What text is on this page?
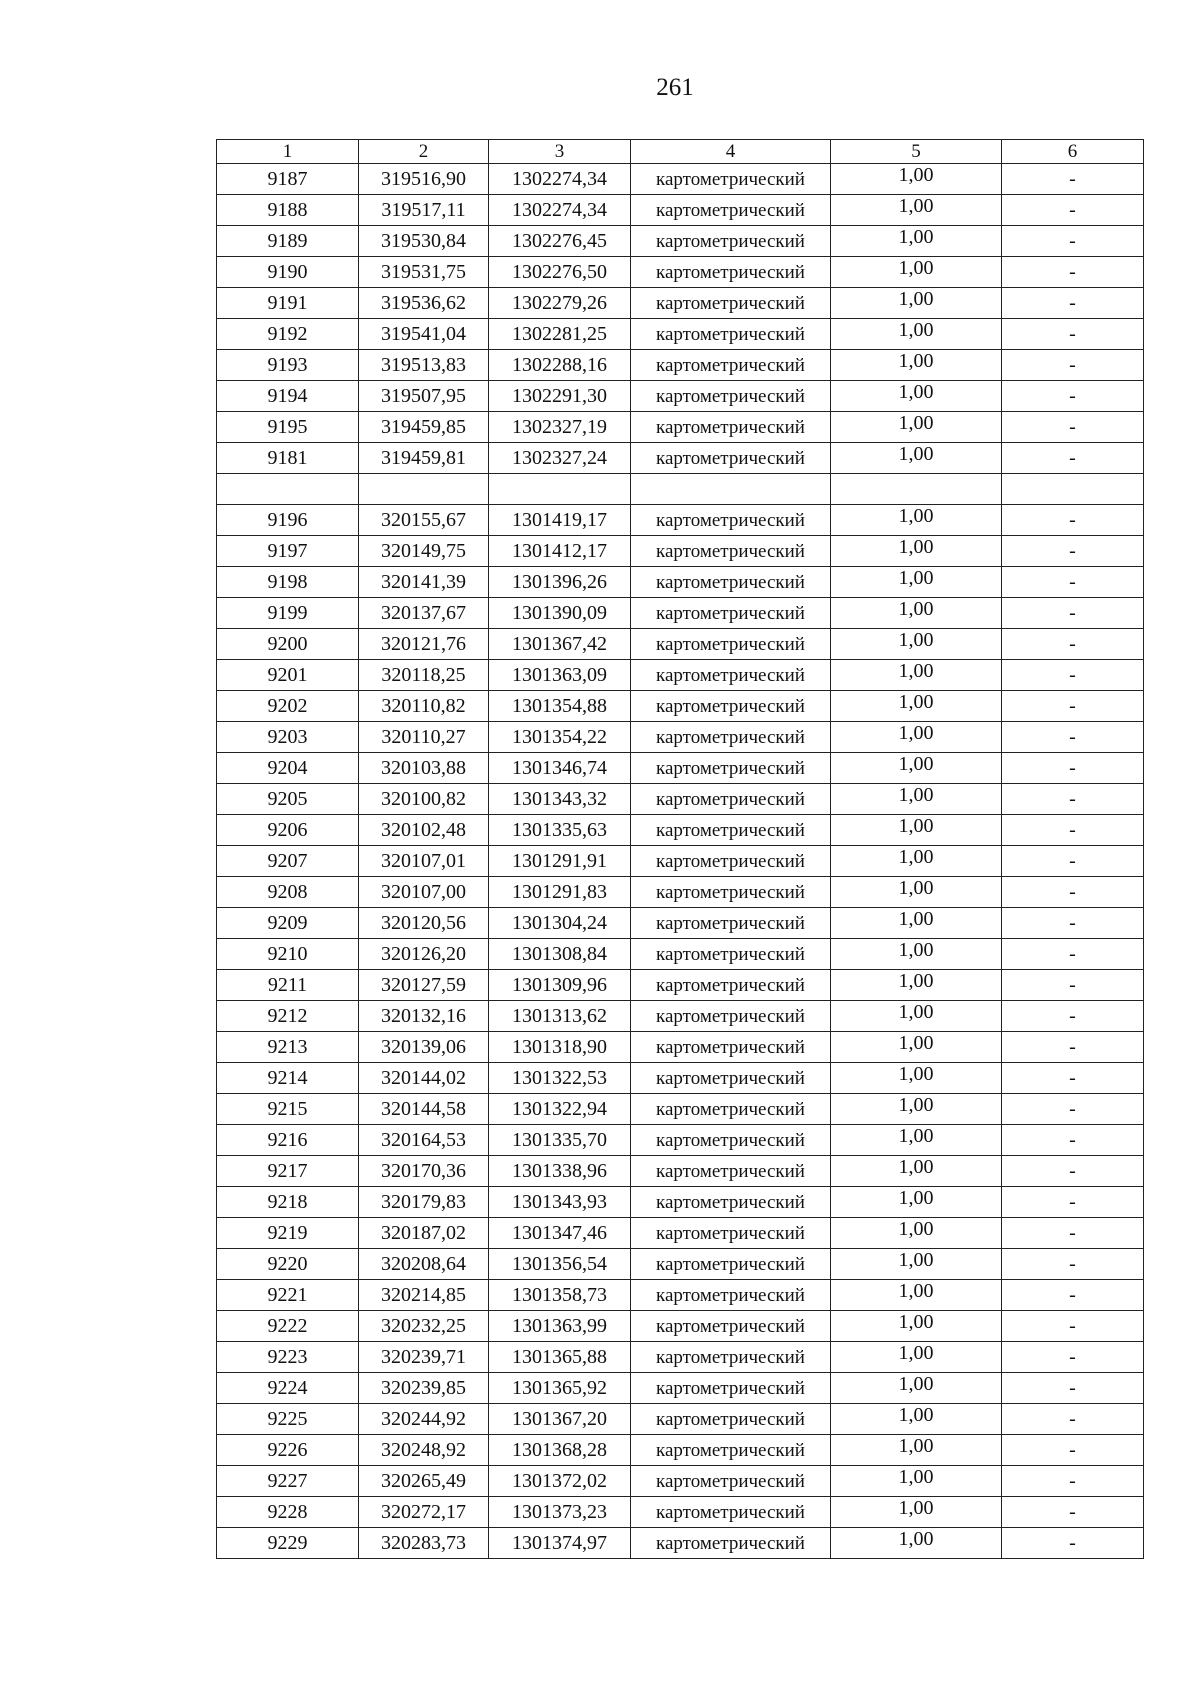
261
1	2	3	4	5	6
9187	319516,90	1302274,34	картометрический	1,00	-
9188	319517,11	1302274,34	картометрический	1,00	-
9189	319530,84	1302276,45	картометрический	1,00	-
9190	319531,75	1302276,50	картометрический	1,00	-
9191	319536,62	1302279,26	картометрический	1,00	-
9192	319541,04	1302281,25	картометрический	1,00	-
9193	319513,83	1302288,16	картометрический	1,00	-
9194	319507,95	1302291,30	картометрический	1,00	-
9195	319459,85	1302327,19	картометрический	1,00	-
9181	319459,81	1302327,24	картометрический	1,00	-

9196	320155,67	1301419,17	картометрический	1,00	-
9197	320149,75	1301412,17	картометрический	1,00	-
9198	320141,39	1301396,26	картометрический	1,00	-
9199	320137,67	1301390,09	картометрический	1,00	-
9200	320121,76	1301367,42	картометрический	1,00	-
9201	320118,25	1301363,09	картометрический	1,00	-
9202	320110,82	1301354,88	картометрический	1,00	-
9203	320110,27	1301354,22	картометрический	1,00	-
9204	320103,88	1301346,74	картометрический	1,00	-
9205	320100,82	1301343,32	картометрический	1,00	-
9206	320102,48	1301335,63	картометрический	1,00	-
9207	320107,01	1301291,91	картометрический	1,00	-
9208	320107,00	1301291,83	картометрический	1,00	-
9209	320120,56	1301304,24	картометрический	1,00	-
9210	320126,20	1301308,84	картометрический	1,00	-
9211	320127,59	1301309,96	картометрический	1,00	-
9212	320132,16	1301313,62	картометрический	1,00	-
9213	320139,06	1301318,90	картометрический	1,00	-
9214	320144,02	1301322,53	картометрический	1,00	-
9215	320144,58	1301322,94	картометрический	1,00	-
9216	320164,53	1301335,70	картометрический	1,00	-
9217	320170,36	1301338,96	картометрический	1,00	-
9218	320179,83	1301343,93	картометрический	1,00	-
9219	320187,02	1301347,46	картометрический	1,00	-
9220	320208,64	1301356,54	картометрический	1,00	-
9221	320214,85	1301358,73	картометрический	1,00	-
9222	320232,25	1301363,99	картометрический	1,00	-
9223	320239,71	1301365,88	картометрический	1,00	-
9224	320239,85	1301365,92	картометрический	1,00	-
9225	320244,92	1301367,20	картометрический	1,00	-
9226	320248,92	1301368,28	картометрический	1,00	-
9227	320265,49	1301372,02	картометрический	1,00	-
9228	320272,17	1301373,23	картометрический	1,00	-
9229	320283,73	1301374,97	картометрический	1,00	-
